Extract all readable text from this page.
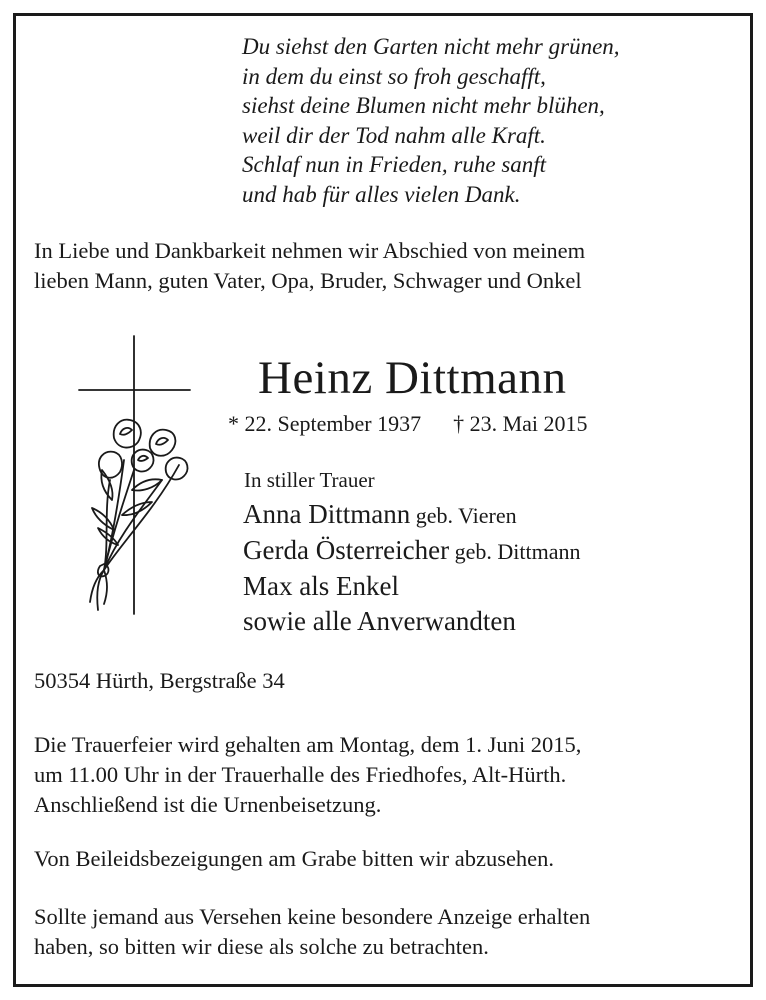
Du siehst den Garten nicht mehr grünen,
in dem du einst so froh geschafft,
siehst deine Blumen nicht mehr blühen,
weil dir der Tod nahm alle Kraft.
Schlaf nun in Frieden, ruhe sanft
und hab für alles vielen Dank.
In Liebe und Dankbarkeit nehmen wir Abschied von meinem
lieben Mann, guten Vater, Opa, Bruder, Schwager und Onkel
Heinz Dittmann
* 22. September 1937 † 23. Mai 2015
In stiller Trauer
Anna Dittmann geb. Vieren
Gerda Österreicher geb. Dittmann
Max als Enkel
sowie alle Anverwandten
50354 Hürth, Bergstraße 34
Die Trauerfeier wird gehalten am Montag, dem 1. Juni 2015,
um 11.00 Uhr in der Trauerhalle des Friedhofes, Alt-Hürth.
Anschließend ist die Urnenbeisetzung.
Von Beileidsbezeigungen am Grabe bitten wir abzusehen.
Sollte jemand aus Versehen keine besondere Anzeige erhalten
haben, so bitten wir diese als solche zu betrachten.
